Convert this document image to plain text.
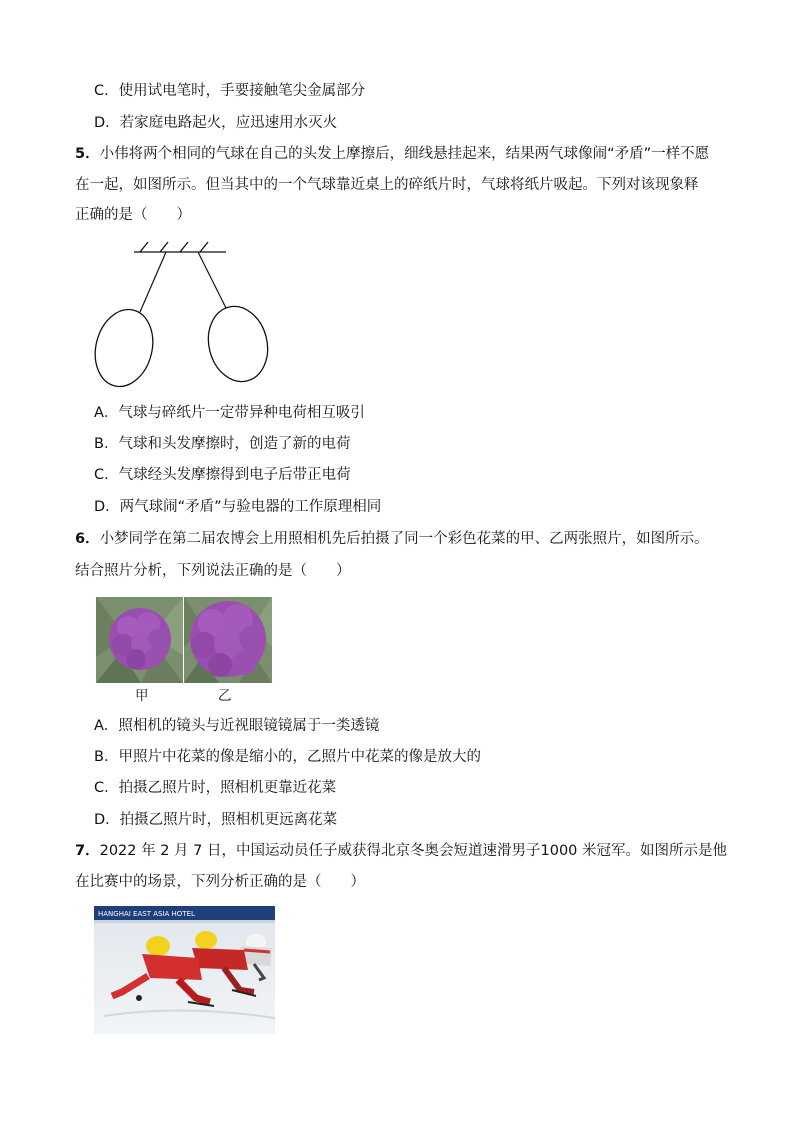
C．使用试电笔时，手要接触笔尖金属部分
D．若家庭电路起火，应迅速用水灭火
5．小伟将两个相同的气球在自己的头发上摩擦后，细线悬挂起来，结果两气球像闹“矛盾”一样不愿
在一起，如图所示。但当其中的一个气球靠近桌上的碎纸片时，气球将纸片吸起。下列对该现象释
正确的是（　　）
A．气球与碎纸片一定带异种电荷相互吸引
B．气球和头发摩擦时，创造了新的电荷
C．气球经头发摩擦得到电子后带正电荷
D．两气球闹“矛盾”与验电器的工作原理相同
6．小梦同学在第二届农博会上用照相机先后拍摄了同一个彩色花菜的甲、乙两张照片，如图所示。
结合照片分析，下列说法正确的是（　　）
甲	乙
A．照相机的镜头与近视眼镜镜属于一类透镜
B．甲照片中花菜的像是缩小的，乙照片中花菜的像是放大的
C．拍摄乙照片时，照相机更靠近花菜
D．拍摄乙照片时，照相机更远离花菜
7．2022 年 2 月 7 日，中国运动员任子威获得北京冬奥会短道速滑男子1000 米冠军。如图所示是他
在比赛中的场景，下列分析正确的是（　　）
HANGHAI EAST ASIA HOTEL
